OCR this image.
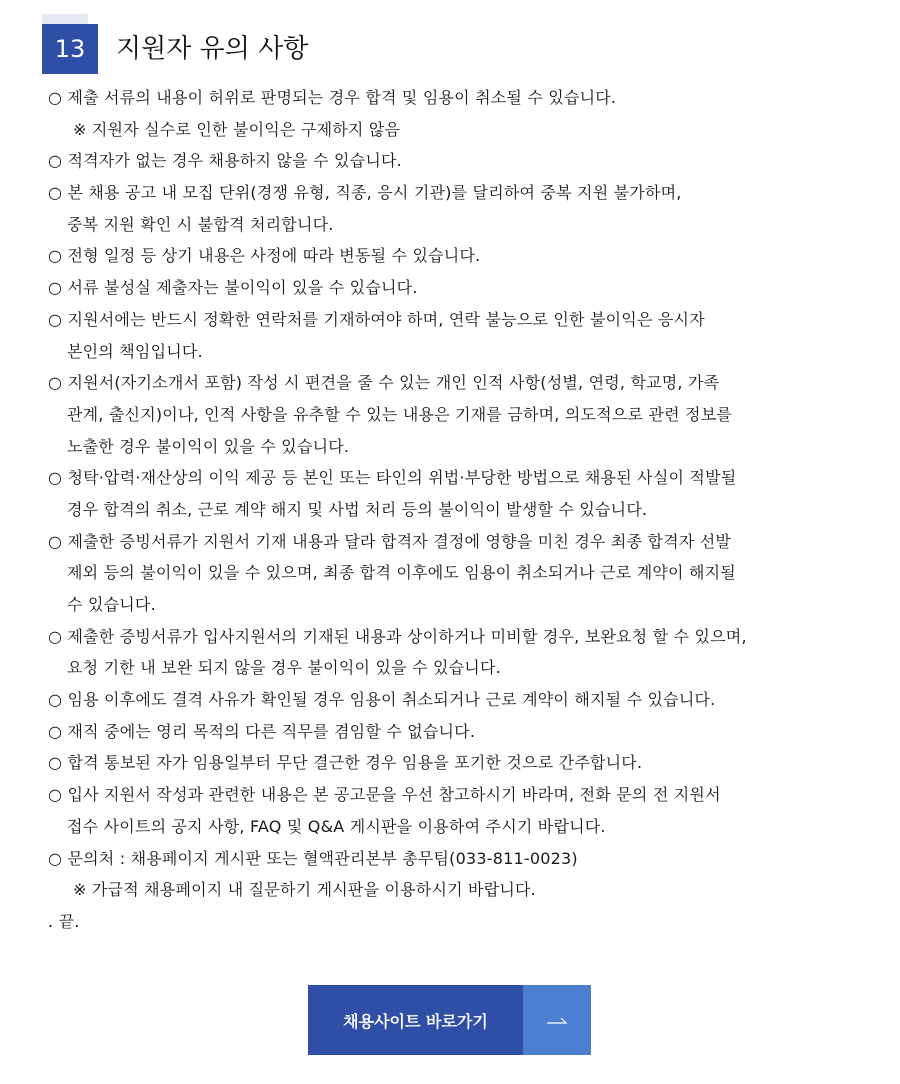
13	지원자 유의 사항
○ 제출 서류의 내용이 허위로 판명되는 경우 합격 및 임용이 취소될 수 있습니다.
※ 지원자 실수로 인한 불이익은 구제하지 않음
○ 적격자가 없는 경우 채용하지 않을 수 있습니다.
○ 본 채용 공고 내 모집 단위(경쟁 유형, 직종, 응시 기관)를 달리하여 중복 지원 불가하며,
중복 지원 확인 시 불합격 처리합니다.
○ 전형 일정 등 상기 내용은 사정에 따라 변동될 수 있습니다.
○ 서류 불성실 제출자는 불이익이 있을 수 있습니다.
○ 지원서에는 반드시 정확한 연락처를 기재하여야 하며, 연락 불능으로 인한 불이익은 응시자
본인의 책임입니다.
○ 지원서(자기소개서 포함) 작성 시 편견을 줄 수 있는 개인 인적 사항(성별, 연령, 학교명, 가족
관계, 출신지)이나, 인적 사항을 유추할 수 있는 내용은 기재를 금하며, 의도적으로 관련 정보를
노출한 경우 불이익이 있을 수 있습니다.
○ 청탁·압력·재산상의 이익 제공 등 본인 또는 타인의 위법·부당한 방법으로 채용된 사실이 적발될
경우 합격의 취소, 근로 계약 해지 및 사법 처리 등의 불이익이 발생할 수 있습니다.
○ 제출한 증빙서류가 지원서 기재 내용과 달라 합격자 결정에 영향을 미친 경우 최종 합격자 선발
제외 등의 불이익이 있을 수 있으며, 최종 합격 이후에도 임용이 취소되거나 근로 계약이 해지될
수 있습니다.
○ 제출한 증빙서류가 입사지원서의 기재된 내용과 상이하거나 미비할 경우, 보완요청 할 수 있으며,
요청 기한 내 보완 되지 않을 경우 불이익이 있을 수 있습니다.
○ 임용 이후에도 결격 사유가 확인될 경우 임용이 취소되거나 근로 계약이 해지될 수 있습니다.
○ 재직 중에는 영리 목적의 다른 직무를 겸임할 수 없습니다.
○ 합격 통보된 자가 임용일부터 무단 결근한 경우 임용을 포기한 것으로 간주합니다.
○ 입사 지원서 작성과 관련한 내용은 본 공고문을 우선 참고하시기 바라며, 전화 문의 전 지원서
접수 사이트의 공지 사항, FAQ 및 Q&A 게시판을 이용하여 주시기 바랍니다.
○ 문의처 : 채용페이지 게시판 또는 혈액관리본부 총무팀(033-811-0023)
※ 가급적 채용페이지 내 질문하기 게시판을 이용하시기 바랍니다.
. 끝.
채용사이트 바로가기
